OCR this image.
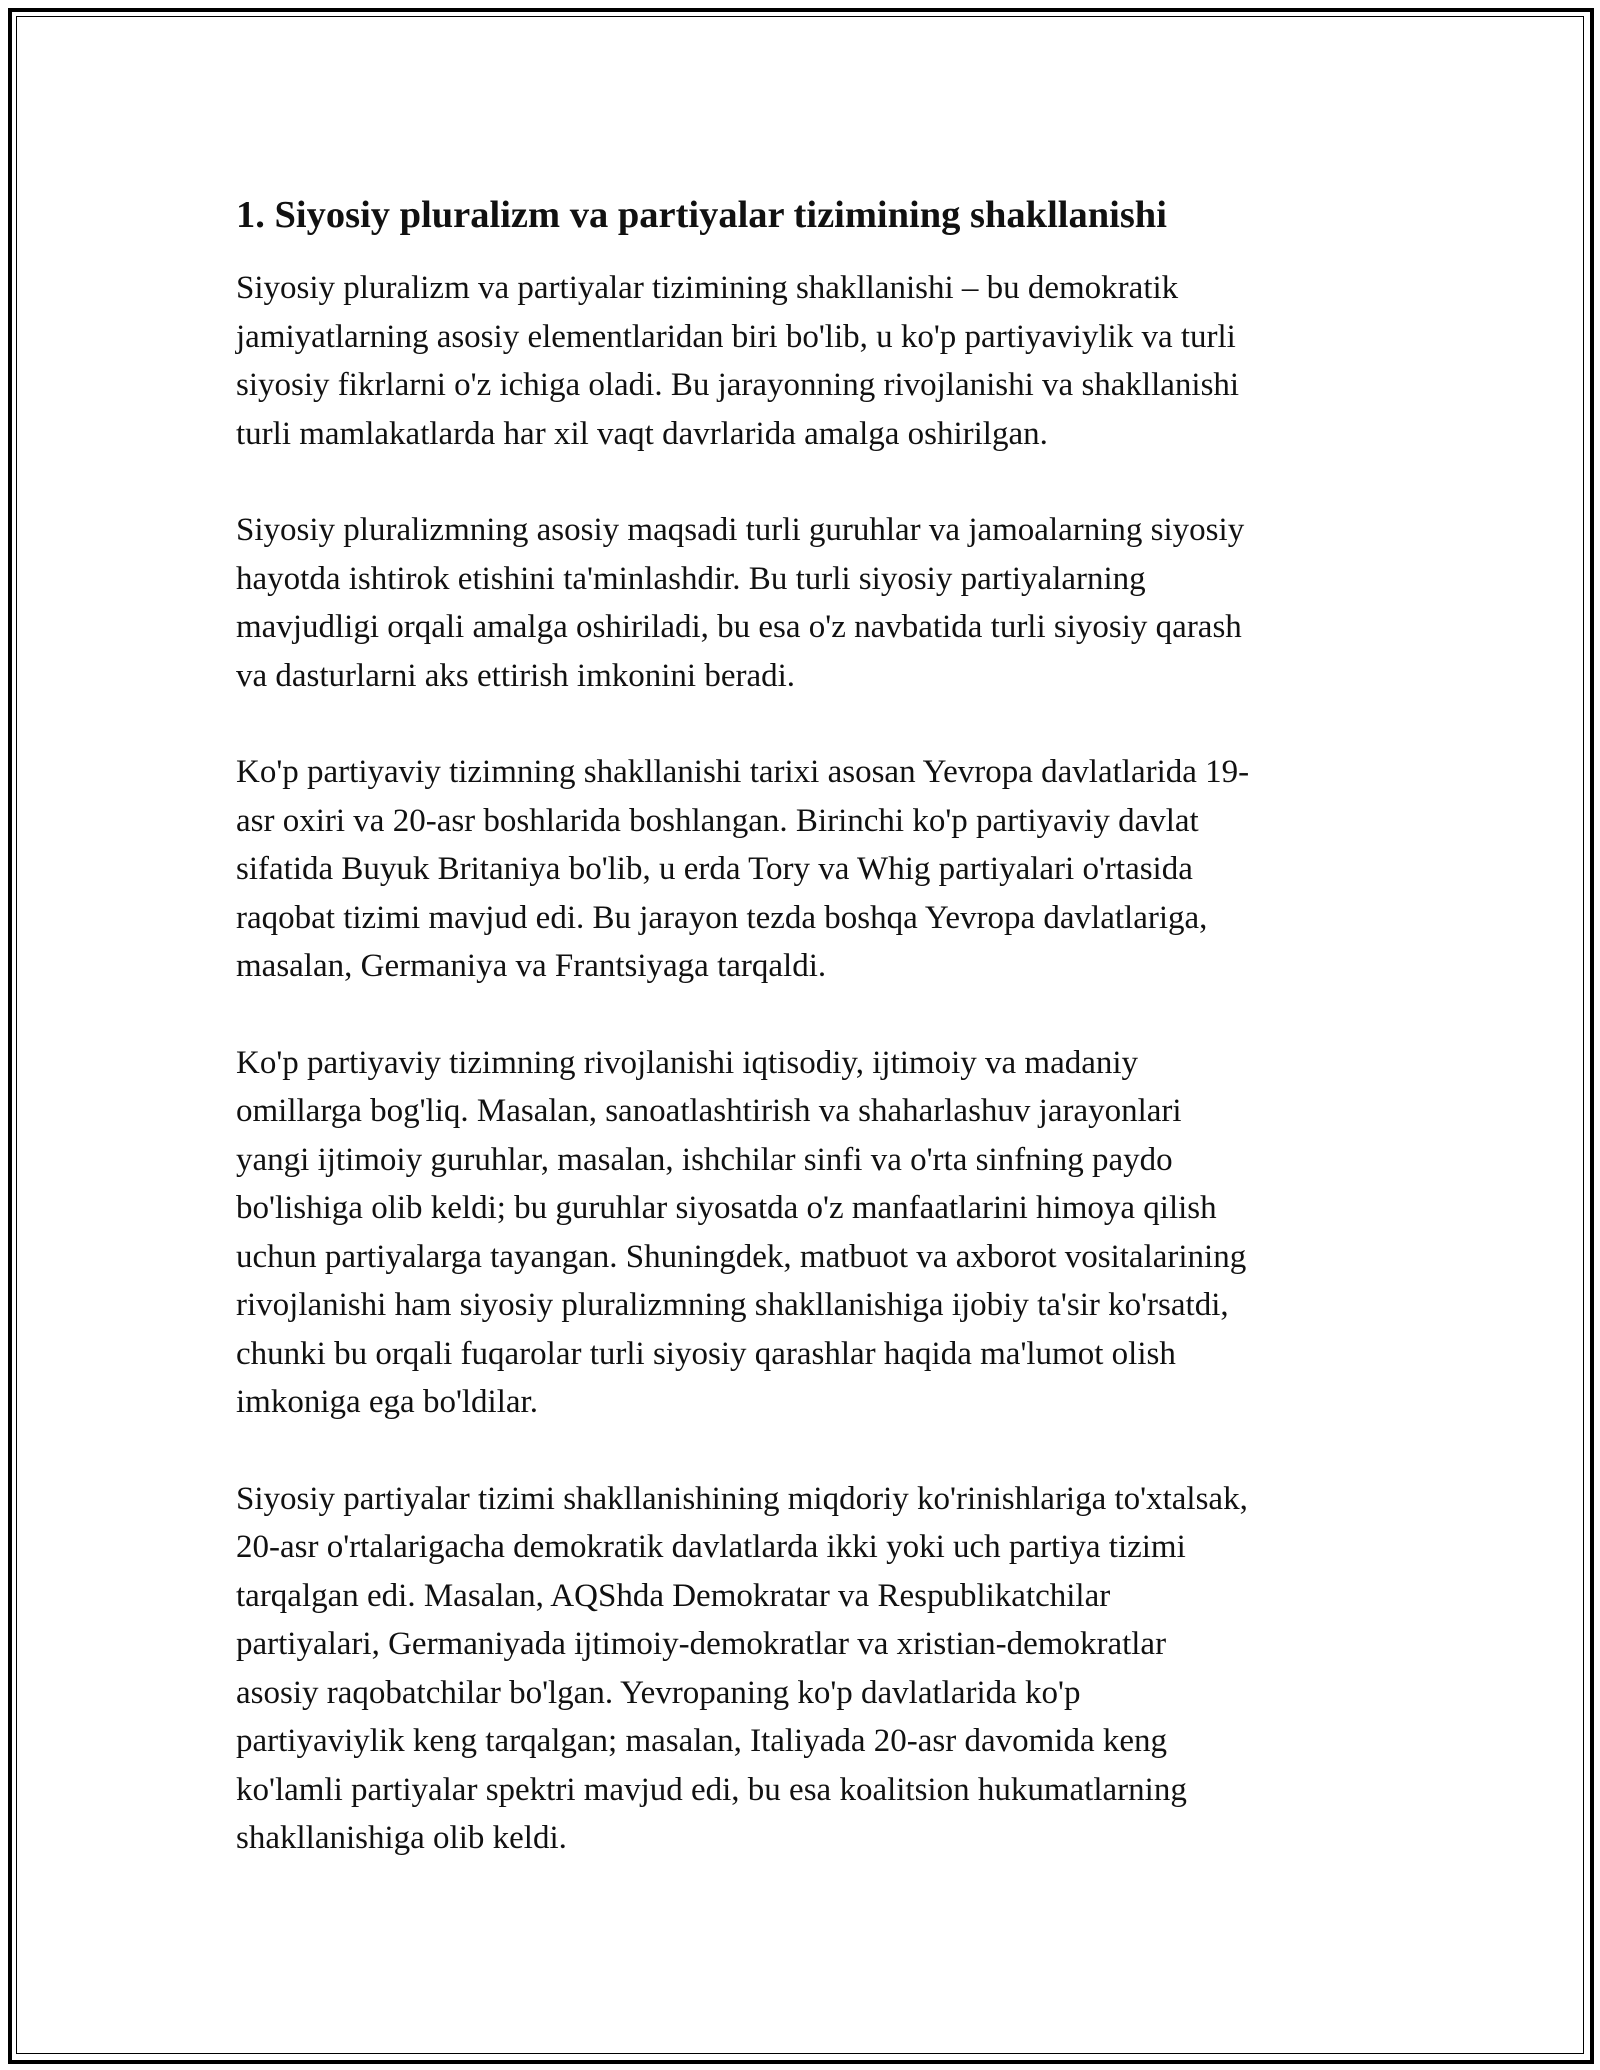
1. Siyosiy pluralizm va partiyalar tizimining shakllanishi

Siyosiy pluralizm va partiyalar tizimining shakllanishi – bu demokratik
jamiyatlarning asosiy elementlaridan biri bo'lib, u ko'p partiyaviylik va turli
siyosiy fikrlarni o'z ichiga oladi. Bu jarayonning rivojlanishi va shakllanishi
turli mamlakatlarda har xil vaqt davrlarida amalga oshirilgan.

Siyosiy pluralizmning asosiy maqsadi turli guruhlar va jamoalarning siyosiy
hayotda ishtirok etishini ta'minlashdir. Bu turli siyosiy partiyalarning
mavjudligi orqali amalga oshiriladi, bu esa o'z navbatida turli siyosiy qarash
va dasturlarni aks ettirish imkonini beradi.

Ko'p partiyaviy tizimning shakllanishi tarixi asosan Yevropa davlatlarida 19-
asr oxiri va 20-asr boshlarida boshlangan. Birinchi ko'p partiyaviy davlat
sifatida Buyuk Britaniya bo'lib, u erda Tory va Whig partiyalari o'rtasida
raqobat tizimi mavjud edi. Bu jarayon tezda boshqa Yevropa davlatlariga,
masalan, Germaniya va Frantsiyaga tarqaldi.

Ko'p partiyaviy tizimning rivojlanishi iqtisodiy, ijtimoiy va madaniy
omillarga bog'liq. Masalan, sanoatlashtirish va shaharlashuv jarayonlari
yangi ijtimoiy guruhlar, masalan, ishchilar sinfi va o'rta sinfning paydo
bo'lishiga olib keldi; bu guruhlar siyosatda o'z manfaatlarini himoya qilish
uchun partiyalarga tayangan. Shuningdek, matbuot va axborot vositalarining
rivojlanishi ham siyosiy pluralizmning shakllanishiga ijobiy ta'sir ko'rsatdi,
chunki bu orqali fuqarolar turli siyosiy qarashlar haqida ma'lumot olish
imkoniga ega bo'ldilar.

Siyosiy partiyalar tizimi shakllanishining miqdoriy ko'rinishlariga to'xtalsak,
20-asr o'rtalarigacha demokratik davlatlarda ikki yoki uch partiya tizimi
tarqalgan edi. Masalan, AQShda Demokratar va Respublikatchilar
partiyalari, Germaniyada ijtimoiy-demokratlar va xristian-demokratlar
asosiy raqobatchilar bo'lgan. Yevropaning ko'p davlatlarida ko'p
partiyaviylik keng tarqalgan; masalan, Italiyada 20-asr davomida keng
ko'lamli partiyalar spektri mavjud edi, bu esa koalitsion hukumatlarning
shakllanishiga olib keldi.
